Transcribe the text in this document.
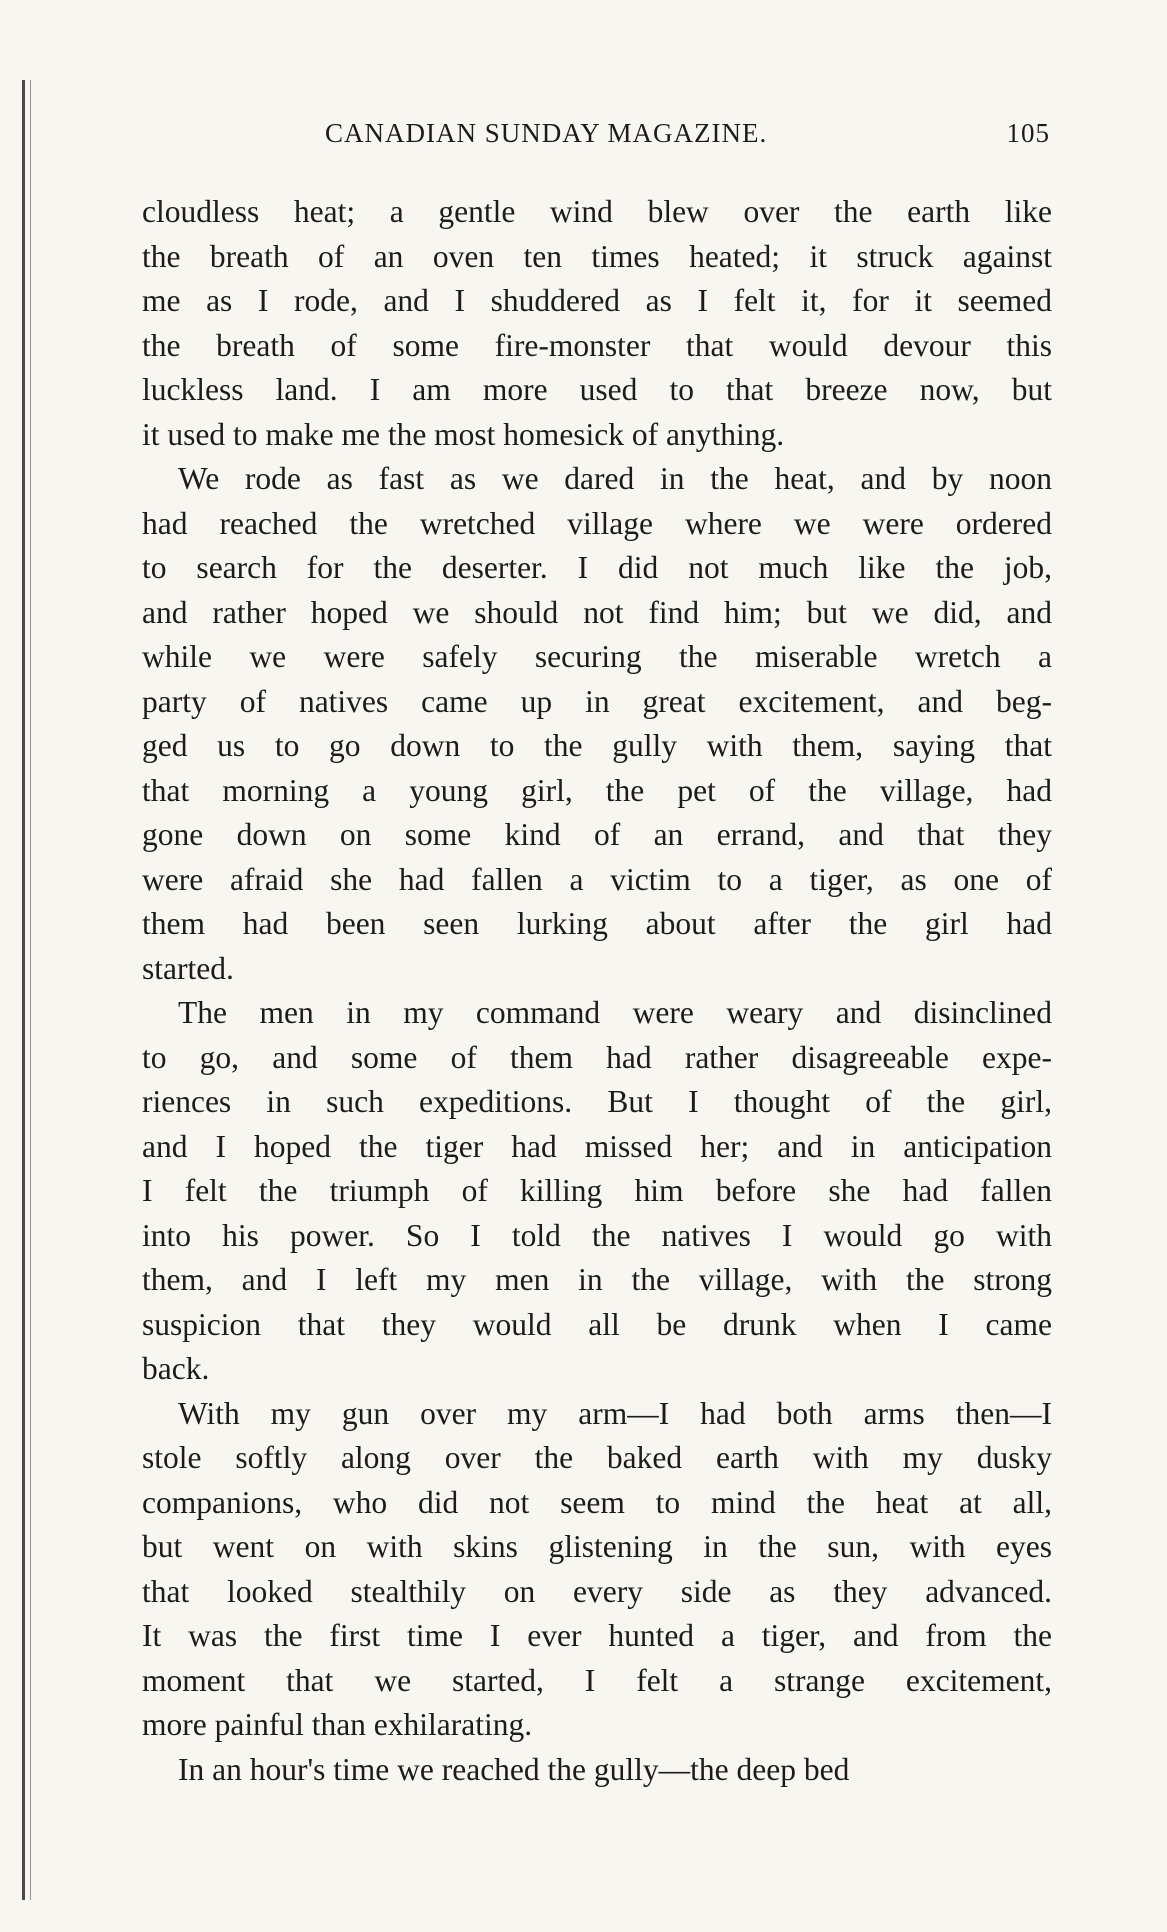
CANADIAN SUNDAY MAGAZINE.	105
cloudless heat; a gentle wind blew over the earth like
the breath of an oven ten times heated; it struck against
me as I rode, and I shuddered as I felt it, for it seemed
the breath of some fire-monster that would devour this
luckless land. I am more used to that breeze now, but
it used to make me the most homesick of anything.
We rode as fast as we dared in the heat, and by noon
had reached the wretched village where we were ordered
to search for the deserter. I did not much like the job,
and rather hoped we should not find him; but we did, and
while we were safely securing the miserable wretch a
party of natives came up in great excitement, and beg-
ged us to go down to the gully with them, saying that
that morning a young girl, the pet of the village, had
gone down on some kind of an errand, and that they
were afraid she had fallen a victim to a tiger, as one of
them had been seen lurking about after the girl had
started.
The men in my command were weary and disinclined
to go, and some of them had rather disagreeable expe-
riences in such expeditions. But I thought of the girl,
and I hoped the tiger had missed her; and in anticipation
I felt the triumph of killing him before she had fallen
into his power. So I told the natives I would go with
them, and I left my men in the village, with the strong
suspicion that they would all be drunk when I came
back.
With my gun over my arm—I had both arms then—I
stole softly along over the baked earth with my dusky
companions, who did not seem to mind the heat at all,
but went on with skins glistening in the sun, with eyes
that looked stealthily on every side as they advanced.
It was the first time I ever hunted a tiger, and from the
moment that we started, I felt a strange excitement,
more painful than exhilarating.
In an hour's time we reached the gully—the deep bed
